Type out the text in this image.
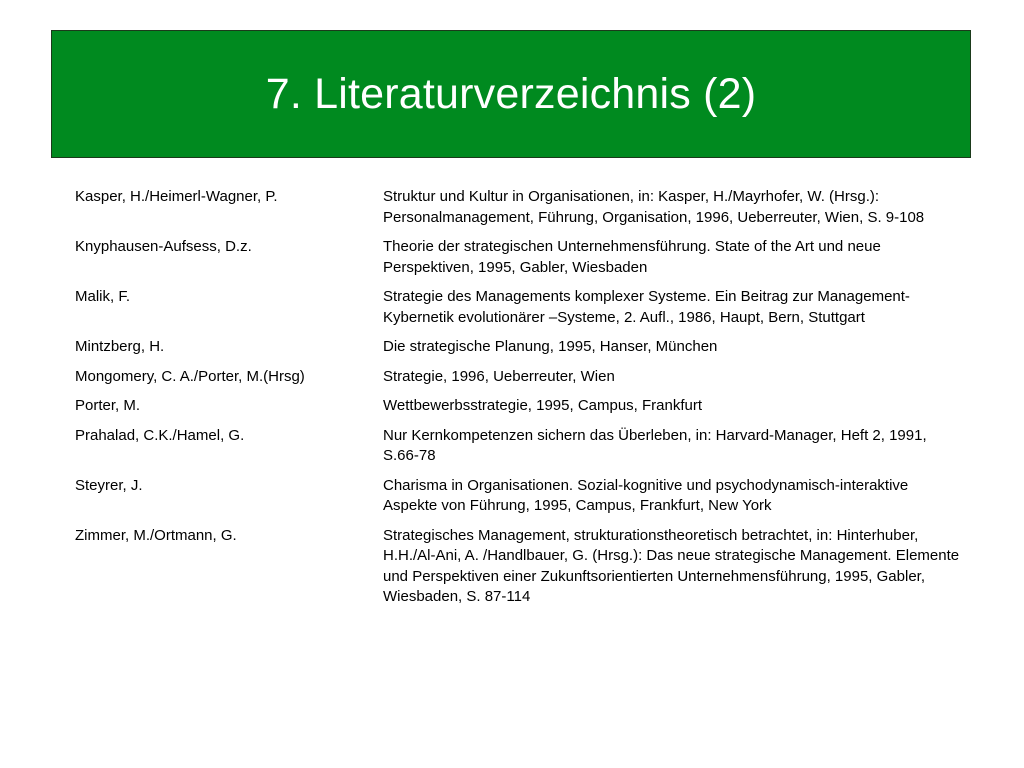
7. Literaturverzeichnis (2)
Kasper, H./Heimerl-Wagner, P.	Struktur und Kultur in Organisationen, in: Kasper, H./Mayrhofer, W. (Hrsg.): Personalmanagement, Führung, Organisation, 1996, Ueberreuter, Wien, S. 9-108
Knyphausen-Aufsess, D.z.	Theorie der strategischen Unternehmensführung. State of the Art und neue Perspektiven, 1995, Gabler, Wiesbaden
Malik, F.	Strategie des Managements komplexer Systeme. Ein Beitrag zur Management-Kybernetik evolutionärer –Systeme, 2. Aufl., 1986, Haupt, Bern, Stuttgart
Mintzberg, H.	Die strategische Planung, 1995, Hanser, München
Mongomery, C. A./Porter, M.(Hrsg)	Strategie, 1996, Ueberreuter, Wien
Porter, M.	Wettbewerbsstrategie, 1995, Campus, Frankfurt
Prahalad, C.K./Hamel, G.	Nur Kernkompetenzen sichern das Überleben, in: Harvard-Manager, Heft 2, 1991, S.66-78
Steyrer, J.	Charisma in Organisationen. Sozial-kognitive und psychodynamisch-interaktive Aspekte von Führung, 1995, Campus, Frankfurt, New York
Zimmer, M./Ortmann, G.	Strategisches Management, strukturationstheoretisch betrachtet, in: Hinterhuber, H.H./Al-Ani, A. /Handlbauer, G. (Hrsg.): Das neue strategische Management. Elemente und Perspektiven einer Zukunftsorientierten Unternehmensführung, 1995, Gabler, Wiesbaden, S. 87-114
